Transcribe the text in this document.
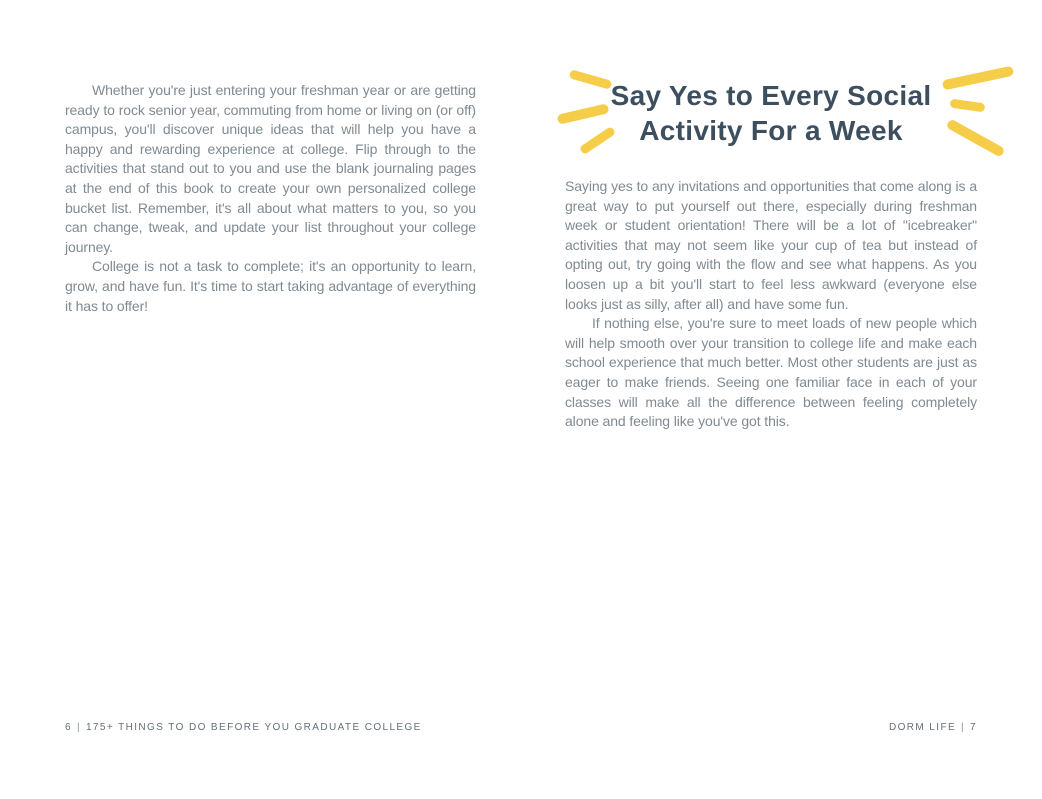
Whether you're just entering your freshman year or are getting ready to rock senior year, commuting from home or living on (or off) campus, you'll discover unique ideas that will help you have a happy and rewarding experience at college. Flip through to the activities that stand out to you and use the blank journaling pages at the end of this book to create your own personalized college bucket list. Remember, it's all about what matters to you, so you can change, tweak, and update your list throughout your college journey.

College is not a task to complete; it's an opportunity to learn, grow, and have fun. It's time to start taking advantage of everything it has to offer!

6 | 175+ THINGS TO DO BEFORE YOU GRADUATE COLLEGE
Say Yes to Every Social
Activity For a Week

Saying yes to any invitations and opportunities that come along is a great way to put yourself out there, especially during freshman week or student orientation! There will be a lot of "icebreaker" activities that may not seem like your cup of tea but instead of opting out, try going with the flow and see what happens. As you loosen up a bit you'll start to feel less awkward (everyone else looks just as silly, after all) and have some fun.

If nothing else, you're sure to meet loads of new people which will help smooth over your transition to college life and make each school experience that much better. Most other students are just as eager to make friends. Seeing one familiar face in each of your classes will make all the difference between feeling completely alone and feeling like you've got this.

DORM LIFE | 7
